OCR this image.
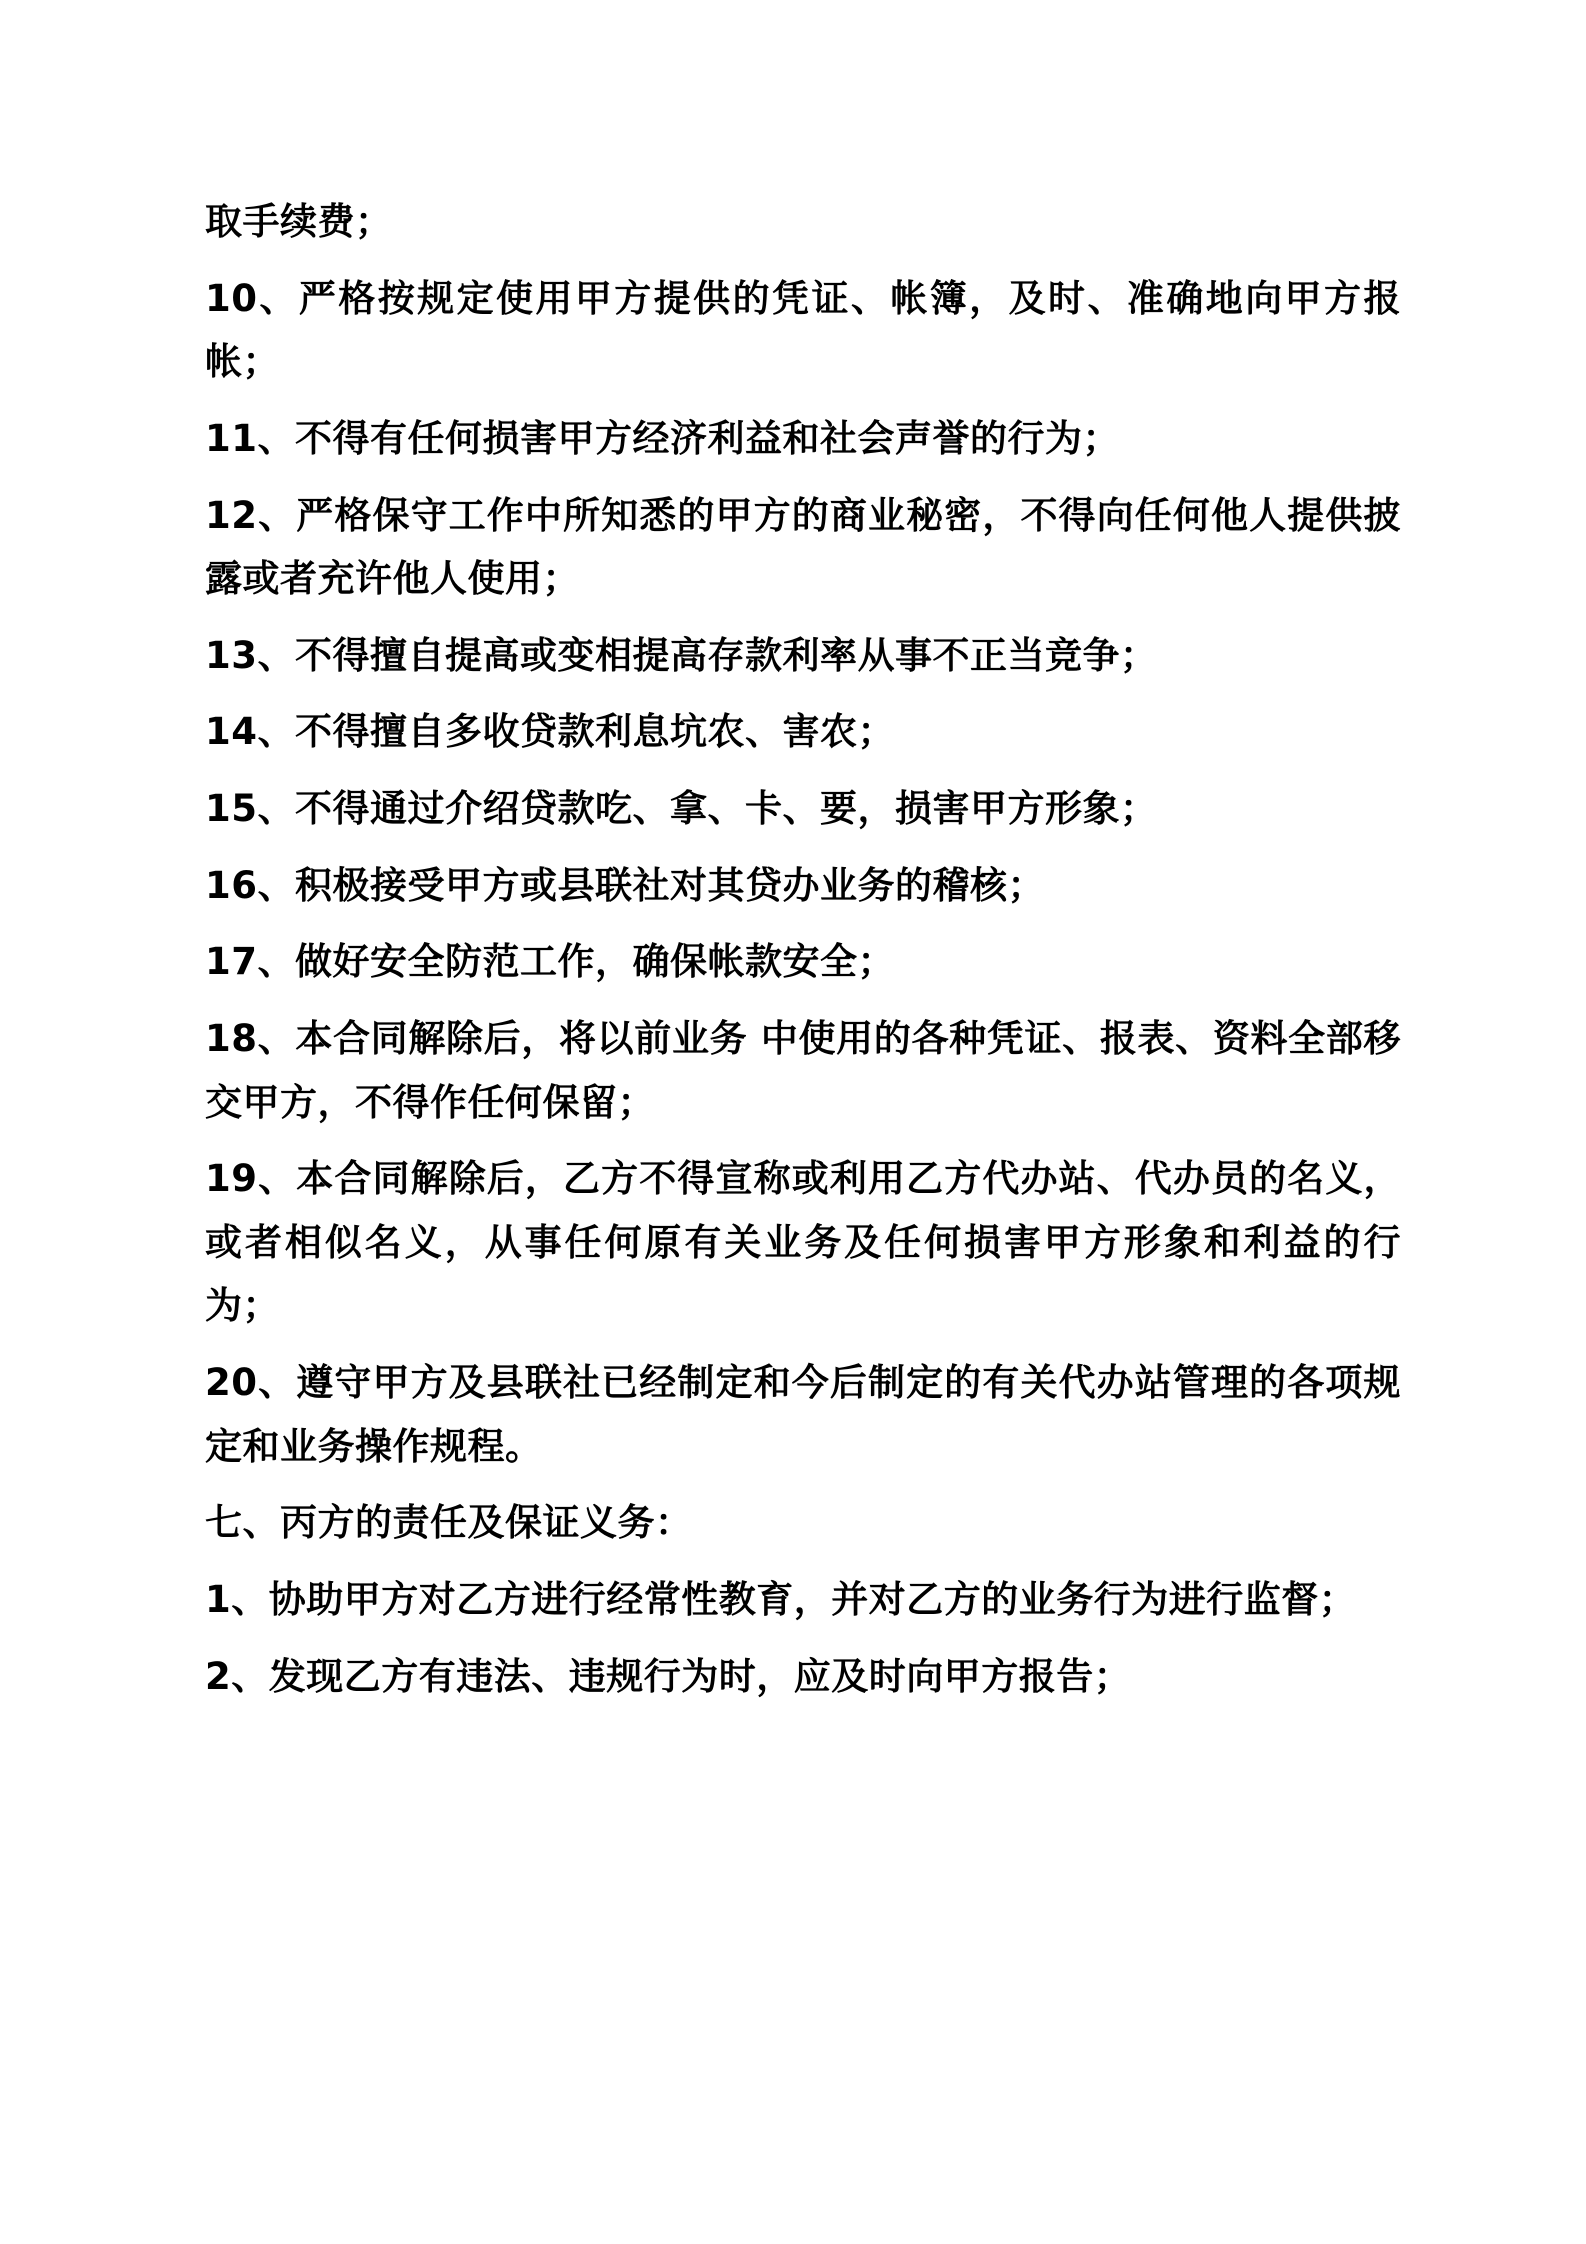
取手续费；

10、严格按规定使用甲方提供的凭证、帐簿，及时、准确地向甲方报帐；

11、不得有任何损害甲方经济利益和社会声誉的行为；

12、严格保守工作中所知悉的甲方的商业秘密，不得向任何他人提供披露或者充许他人使用；

13、不得擅自提高或变相提高存款利率从事不正当竞争；

14、不得擅自多收贷款利息坑农、害农；

15、不得通过介绍贷款吃、拿、卡、要，损害甲方形象；

16、积极接受甲方或县联社对其贷办业务的稽核；

17、做好安全防范工作，确保帐款安全；

18、本合同解除后，将以前业务 中使用的各种凭证、报表、资料全部移交甲方，不得作任何保留；

19、本合同解除后，乙方不得宣称或利用乙方代办站、代办员的名义，或者相似名义，从事任何原有关业务及任何损害甲方形象和利益的行为；

20、遵守甲方及县联社已经制定和今后制定的有关代办站管理的各项规定和业务操作规程。

七、丙方的责任及保证义务：

1、协助甲方对乙方进行经常性教育，并对乙方的业务行为进行监督；

2、发现乙方有违法、违规行为时，应及时向甲方报告；
